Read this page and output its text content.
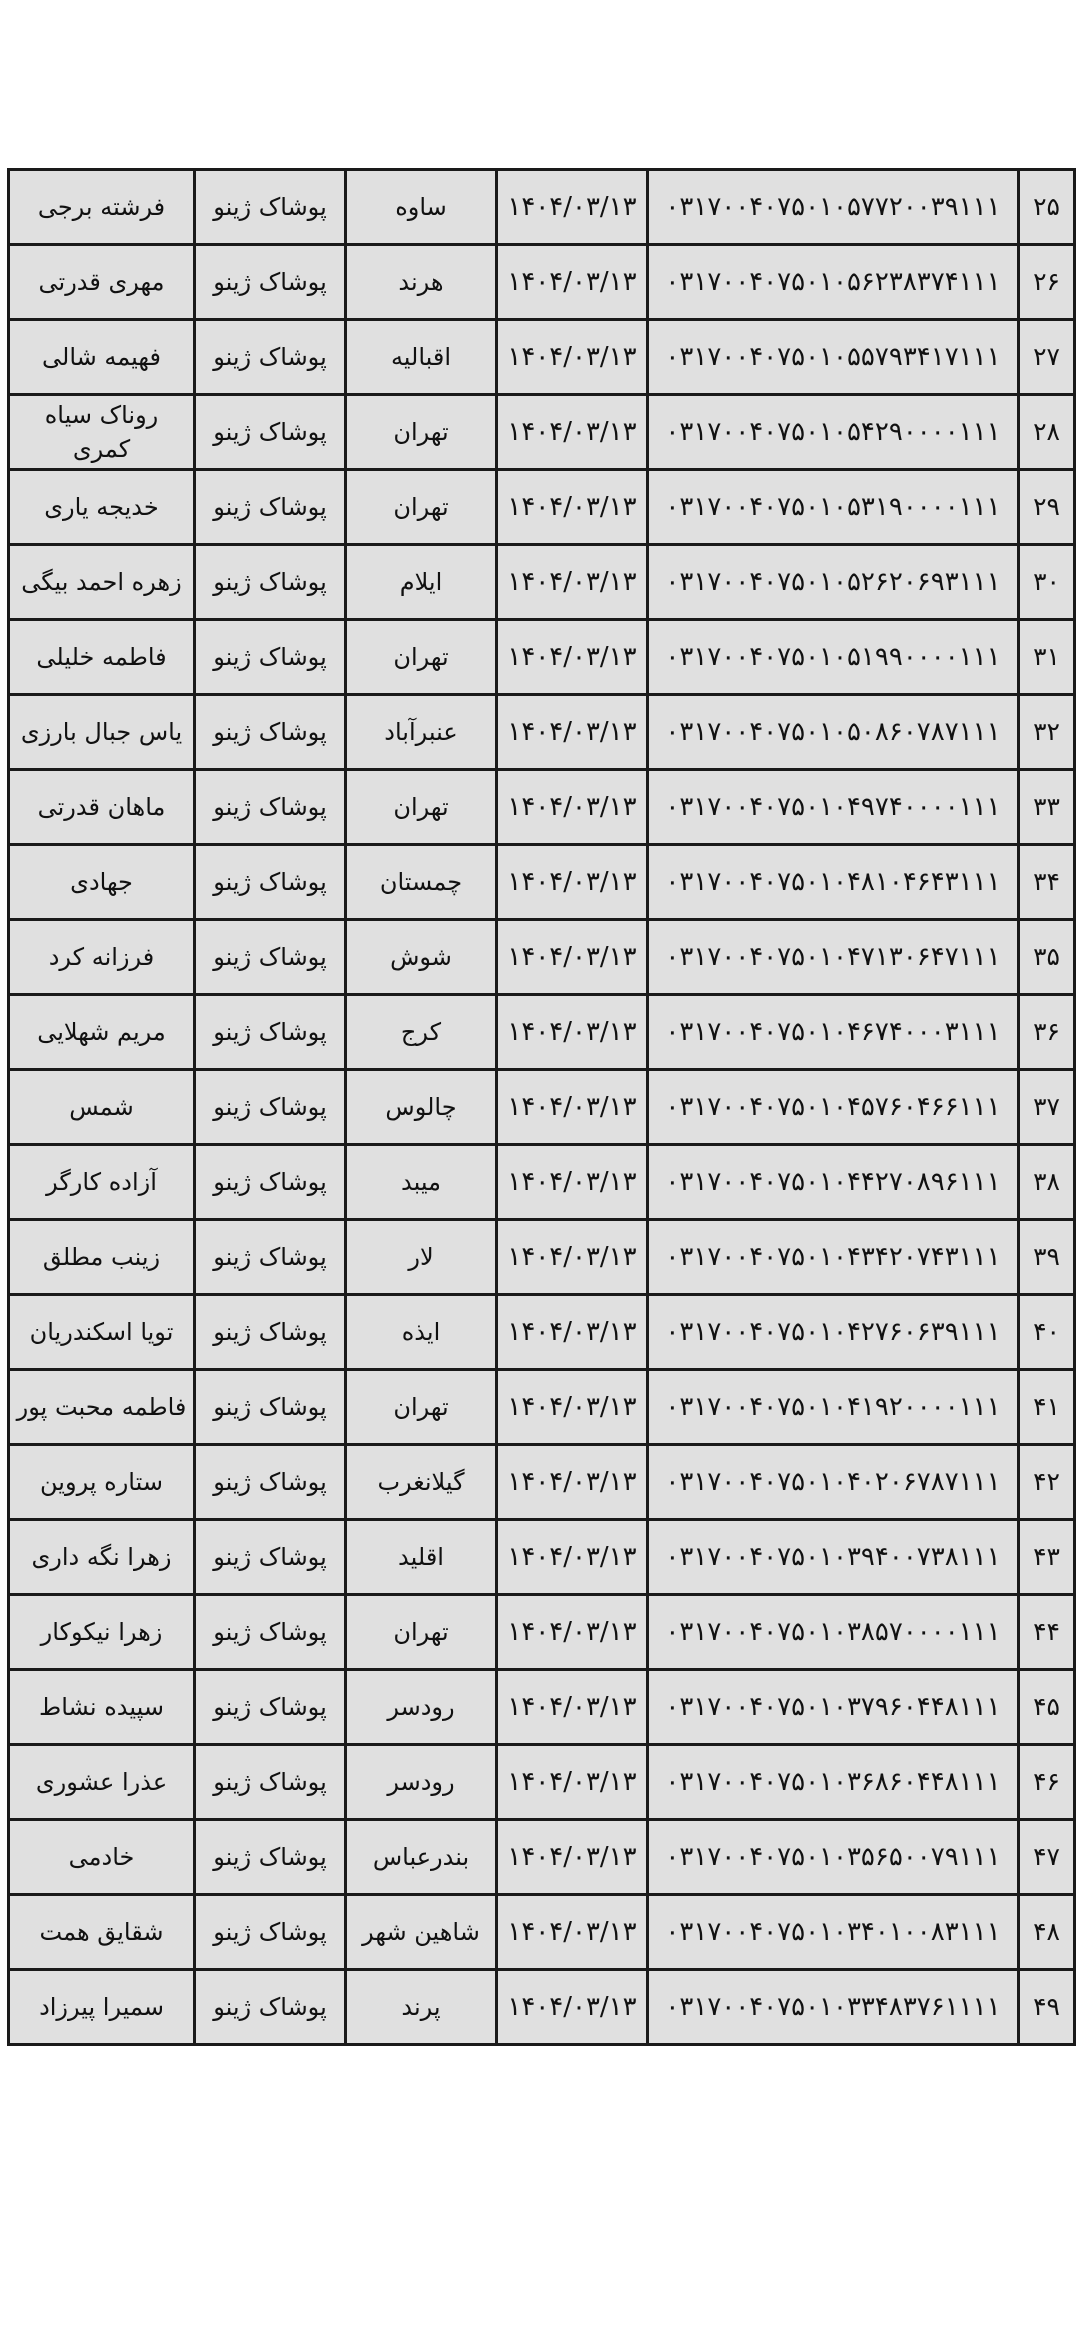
۲۵	۰۳۱۷۰۰۴۰۷۵۰۱۰۵۷۷۲۰۰۳۹۱۱۱	۱۴۰۴/۰۳/۱۳	ساوه	پوشاک ژینو	فرشته برجی
۲۶	۰۳۱۷۰۰۴۰۷۵۰۱۰۵۶۲۳۸۳۷۴۱۱۱	۱۴۰۴/۰۳/۱۳	هرند	پوشاک ژینو	مهری قدرتی
۲۷	۰۳۱۷۰۰۴۰۷۵۰۱۰۵۵۷۹۳۴۱۷۱۱۱	۱۴۰۴/۰۳/۱۳	اقبالیه	پوشاک ژینو	فهیمه شالی
۲۸	۰۳۱۷۰۰۴۰۷۵۰۱۰۵۴۲۹۰۰۰۰۱۱۱	۱۴۰۴/۰۳/۱۳	تهران	پوشاک ژینو	روناک سیاه کمری
۲۹	۰۳۱۷۰۰۴۰۷۵۰۱۰۵۳۱۹۰۰۰۰۱۱۱	۱۴۰۴/۰۳/۱۳	تهران	پوشاک ژینو	خدیجه یاری
۳۰	۰۳۱۷۰۰۴۰۷۵۰۱۰۵۲۶۲۰۶۹۳۱۱۱	۱۴۰۴/۰۳/۱۳	ایلام	پوشاک ژینو	زهره احمد بیگی
۳۱	۰۳۱۷۰۰۴۰۷۵۰۱۰۵۱۹۹۰۰۰۰۱۱۱	۱۴۰۴/۰۳/۱۳	تهران	پوشاک ژینو	فاطمه خلیلی
۳۲	۰۳۱۷۰۰۴۰۷۵۰۱۰۵۰۸۶۰۷۸۷۱۱۱	۱۴۰۴/۰۳/۱۳	عنبرآباد	پوشاک ژینو	یاس جبال بارزی
۳۳	۰۳۱۷۰۰۴۰۷۵۰۱۰۴۹۷۴۰۰۰۰۱۱۱	۱۴۰۴/۰۳/۱۳	تهران	پوشاک ژینو	ماهان قدرتی
۳۴	۰۳۱۷۰۰۴۰۷۵۰۱۰۴۸۱۰۴۶۴۳۱۱۱	۱۴۰۴/۰۳/۱۳	چمستان	پوشاک ژینو	جهادی
۳۵	۰۳۱۷۰۰۴۰۷۵۰۱۰۴۷۱۳۰۶۴۷۱۱۱	۱۴۰۴/۰۳/۱۳	شوش	پوشاک ژینو	فرزانه کرد
۳۶	۰۳۱۷۰۰۴۰۷۵۰۱۰۴۶۷۴۰۰۰۳۱۱۱	۱۴۰۴/۰۳/۱۳	کرج	پوشاک ژینو	مریم شهلایی
۳۷	۰۳۱۷۰۰۴۰۷۵۰۱۰۴۵۷۶۰۴۶۶۱۱۱	۱۴۰۴/۰۳/۱۳	چالوس	پوشاک ژینو	شمس
۳۸	۰۳۱۷۰۰۴۰۷۵۰۱۰۴۴۲۷۰۸۹۶۱۱۱	۱۴۰۴/۰۳/۱۳	میبد	پوشاک ژینو	آزاده کارگر
۳۹	۰۳۱۷۰۰۴۰۷۵۰۱۰۴۳۴۲۰۷۴۳۱۱۱	۱۴۰۴/۰۳/۱۳	لار	پوشاک ژینو	زینب مطلق
۴۰	۰۳۱۷۰۰۴۰۷۵۰۱۰۴۲۷۶۰۶۳۹۱۱۱	۱۴۰۴/۰۳/۱۳	ایذه	پوشاک ژینو	تویا اسکندریان
۴۱	۰۳۱۷۰۰۴۰۷۵۰۱۰۴۱۹۲۰۰۰۰۱۱۱	۱۴۰۴/۰۳/۱۳	تهران	پوشاک ژینو	فاطمه محبت پور
۴۲	۰۳۱۷۰۰۴۰۷۵۰۱۰۴۰۲۰۶۷۸۷۱۱۱	۱۴۰۴/۰۳/۱۳	گیلانغرب	پوشاک ژینو	ستاره پروین
۴۳	۰۳۱۷۰۰۴۰۷۵۰۱۰۳۹۴۰۰۷۳۸۱۱۱	۱۴۰۴/۰۳/۱۳	اقلید	پوشاک ژینو	زهرا نگه داری
۴۴	۰۳۱۷۰۰۴۰۷۵۰۱۰۳۸۵۷۰۰۰۰۱۱۱	۱۴۰۴/۰۳/۱۳	تهران	پوشاک ژینو	زهرا نیکوکار
۴۵	۰۳۱۷۰۰۴۰۷۵۰۱۰۳۷۹۶۰۴۴۸۱۱۱	۱۴۰۴/۰۳/۱۳	رودسر	پوشاک ژینو	سپیده نشاط
۴۶	۰۳۱۷۰۰۴۰۷۵۰۱۰۳۶۸۶۰۴۴۸۱۱۱	۱۴۰۴/۰۳/۱۳	رودسر	پوشاک ژینو	عذرا عشوری
۴۷	۰۳۱۷۰۰۴۰۷۵۰۱۰۳۵۶۵۰۰۷۹۱۱۱	۱۴۰۴/۰۳/۱۳	بندرعباس	پوشاک ژینو	خادمی
۴۸	۰۳۱۷۰۰۴۰۷۵۰۱۰۳۴۰۱۰۰۸۳۱۱۱	۱۴۰۴/۰۳/۱۳	شاهین شهر	پوشاک ژینو	شقایق همت
۴۹	۰۳۱۷۰۰۴۰۷۵۰۱۰۳۳۴۸۳۷۶۱۱۱۱	۱۴۰۴/۰۳/۱۳	پرند	پوشاک ژینو	سمیرا پیرزاد
